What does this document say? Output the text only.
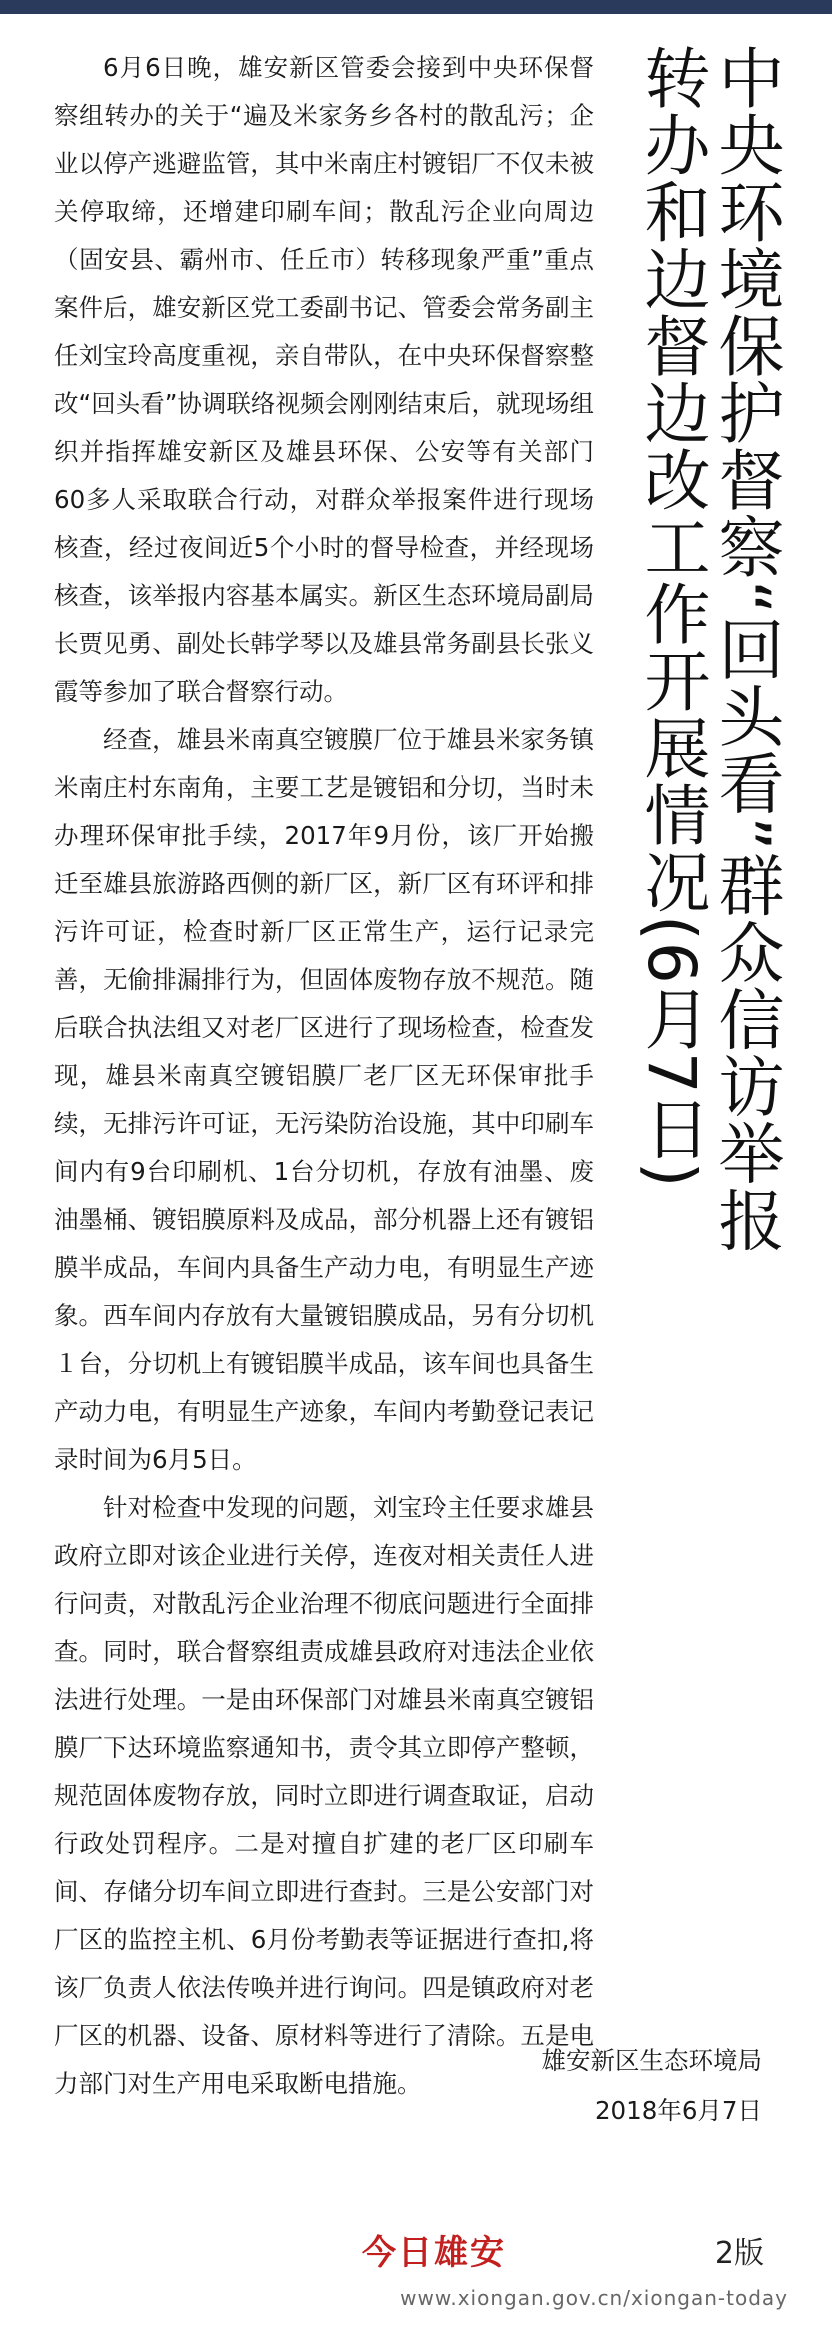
中央环境保护督察“回头看”群众信访举报
转办和边督边改工作开展情况(6月7日)

6月6日晚，雄安新区管委会接到中央环保督察组转办的关于“遍及米家务乡各村的散乱污；企业以停产逃避监管，其中米南庄村镀铝厂不仅未被关停取缔，还增建印刷车间；散乱污企业向周边（固安县、霸州市、任丘市）转移现象严重”重点案件后，雄安新区党工委副书记、管委会常务副主任刘宝玲高度重视，亲自带队，在中央环保督察整改“回头看”协调联络视频会刚刚结束后，就现场组织并指挥雄安新区及雄县环保、公安等有关部门60多人采取联合行动，对群众举报案件进行现场核查，经过夜间近5个小时的督导检查，并经现场核查，该举报内容基本属实。新区生态环境局副局长贾见勇、副处长韩学琴以及雄县常务副县长张义霞等参加了联合督察行动。

经查，雄县米南真空镀膜厂位于雄县米家务镇米南庄村东南角，主要工艺是镀铝和分切，当时未办理环保审批手续，2017年9月份，该厂开始搬迁至雄县旅游路西侧的新厂区，新厂区有环评和排污许可证，检查时新厂区正常生产，运行记录完善，无偷排漏排行为，但固体废物存放不规范。随后联合执法组又对老厂区进行了现场检查，检查发现，雄县米南真空镀铝膜厂老厂区无环保审批手续，无排污许可证，无污染防治设施，其中印刷车间内有9台印刷机、1台分切机，存放有油墨、废油墨桶、镀铝膜原料及成品，部分机器上还有镀铝膜半成品，车间内具备生产动力电，有明显生产迹象。西车间内存放有大量镀铝膜成品，另有分切机１台，分切机上有镀铝膜半成品，该车间也具备生产动力电，有明显生产迹象，车间内考勤登记表记录时间为6月5日。

针对检查中发现的问题，刘宝玲主任要求雄县政府立即对该企业进行关停，连夜对相关责任人进行问责，对散乱污企业治理不彻底问题进行全面排查。同时，联合督察组责成雄县政府对违法企业依法进行处理。一是由环保部门对雄县米南真空镀铝膜厂下达环境监察通知书，责令其立即停产整顿，规范固体废物存放，同时立即进行调查取证，启动行政处罚程序。二是对擅自扩建的老厂区印刷车间、存储分切车间立即进行查封。三是公安部门对厂区的监控主机、6月份考勤表等证据进行查扣,将该厂负责人依法传唤并进行询问。四是镇政府对老厂区的机器、设备、原材料等进行了清除。五是电力部门对生产用电采取断电措施。

雄安新区生态环境局
2018年6月7日
今日雄安	2版
www.xiongan.gov.cn/xiongan-today
